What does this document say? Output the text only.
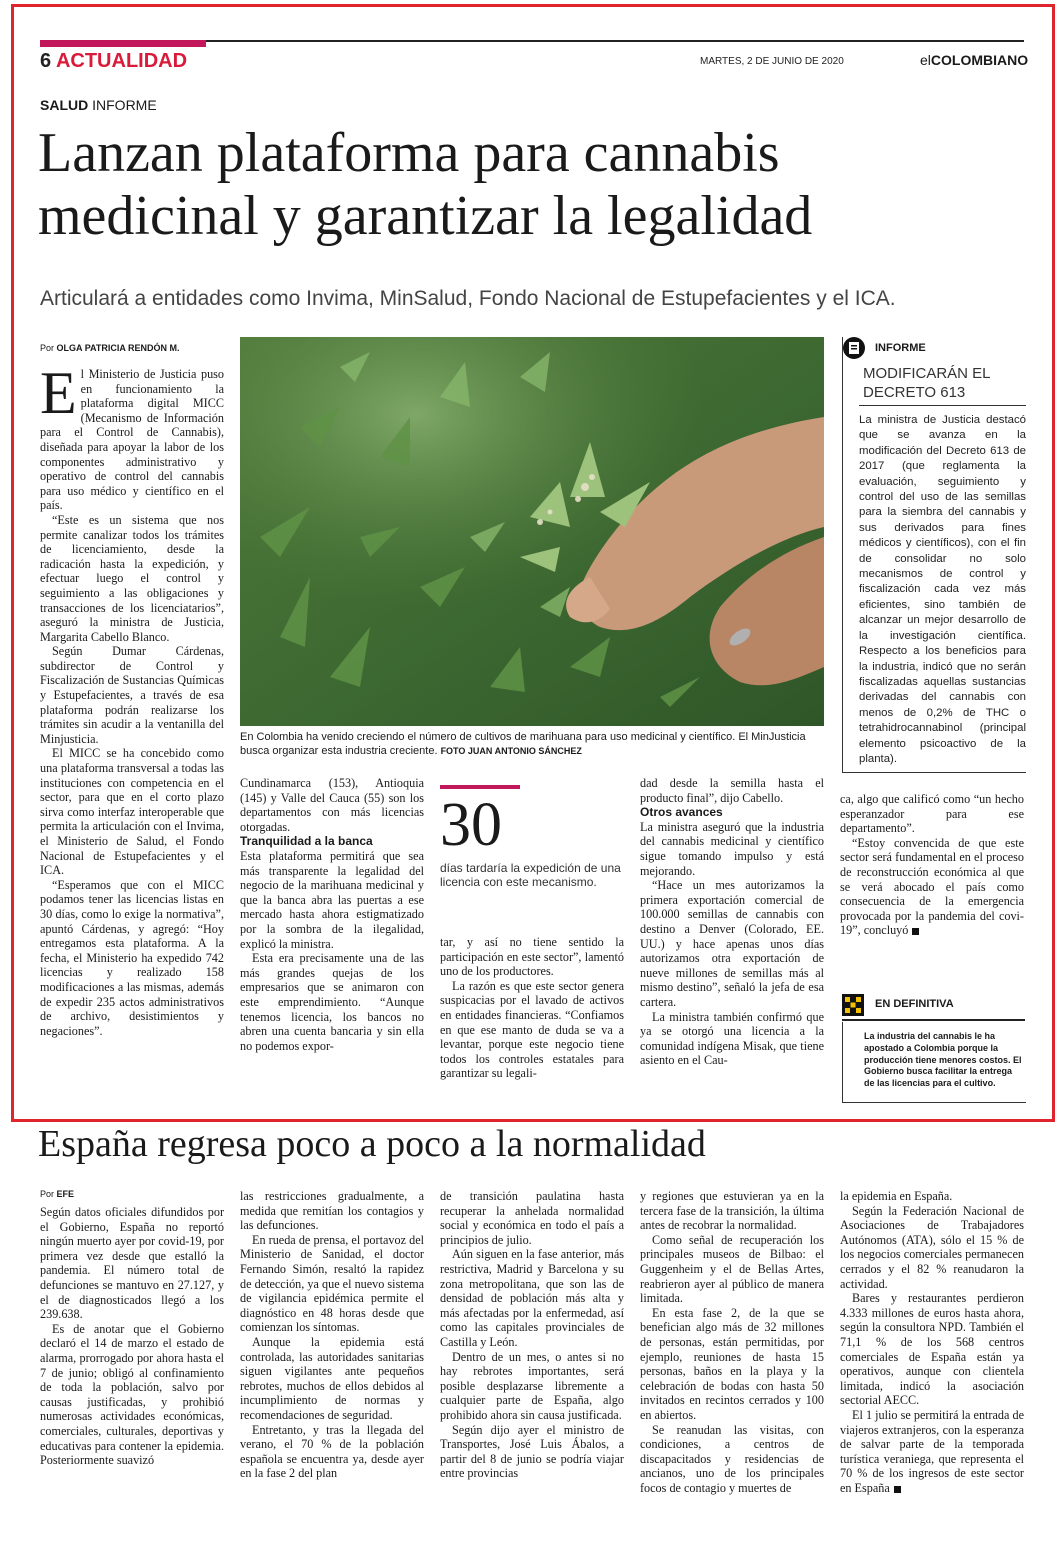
6 ACTUALIDAD	MARTES, 2 DE JUNIO DE 2020	elCOLOMBIANO
SALUD INFORME
Lanzan plataforma para cannabis
medicinal y garantizar la legalidad
Articulará a entidades como Invima, MinSalud, Fondo Nacional de Estupefacientes y el ICA.
Por OLGA PATRICIA RENDÓN M.

El Ministerio de Justicia puso en funcionamiento la plataforma digital MICC (Mecanismo de Información para el Control de Cannabis), diseñada para apoyar la labor de los componentes administrativo y operativo de control del cannabis para uso médico y científico en el país.

“Este es un sistema que nos permite canalizar todos los trámites de licenciamiento, desde la radicación hasta la expedición, y efectuar luego el control y seguimiento a las obligaciones y transacciones de los licenciatarios”, aseguró la ministra de Justicia, Margarita Cabello Blanco.

Según Dumar Cárdenas, subdirector de Control y Fiscalización de Sustancias Químicas y Estupefacientes, a través de esa plataforma podrán realizarse los trámites sin acudir a la ventanilla del Minjusticia.

El MICC se ha concebido como una plataforma transversal a todas las instituciones con competencia en el sector, para que en el corto plazo sirva como interfaz interoperable que permita la articulación con el Invima, el Ministerio de Salud, el Fondo Nacional de Estupefacientes y el ICA.

“Esperamos que con el MICC podamos tener las licencias listas en 30 días, como lo exige la normativa”, apuntó Cárdenas, y agregó: “Hoy entregamos esta plataforma. A la fecha, el Ministerio ha expedido 742 licencias y realizado 158 modificaciones a las mismas, además de expedir 235 actos administrativos de archivo, desistimientos y negaciones”.

En Colombia ha venido creciendo el número de cultivos de marihuana para uso medicinal y científico. El MinJusticia busca organizar esta industria creciente. FOTO JUAN ANTONIO SÁNCHEZ

Cundinamarca (153), Antioquia (145) y Valle del Cauca (55) son los departamentos con más licencias otorgadas.

Tranquilidad a la banca

Esta plataforma permitirá que sea más transparente la legalidad del negocio de la marihuana medicinal y que la banca abra las puertas a ese mercado hasta ahora estigmatizado por la sombra de la ilegalidad, explicó la ministra.

Esta era precisamente una de las más grandes quejas de los empresarios que se animaron con este emprendimiento. “Aunque tenemos licencia, los bancos no abren una cuenta bancaria y sin ella no podemos expor-

30
días tardaría la expedición de una licencia con este mecanismo.

tar, y así no tiene sentido la participación en este sector”, lamentó uno de los productores.

La razón es que este sector genera suspicacias por el lavado de activos en entidades financieras. “Confiamos en que ese manto de duda se va a levantar, porque este negocio tiene todos los controles estatales para garantizar su legali-

dad desde la semilla hasta el producto final”, dijo Cabello.

Otros avances

La ministra aseguró que la industria del cannabis medicinal y científico sigue tomando impulso y está mejorando.

“Hace un mes autorizamos la primera exportación comercial de 100.000 semillas de cannabis con destino a Denver (Colorado, EE. UU.) y hace apenas unos días autorizamos otra exportación de nueve millones de semillas más al mismo destino”, señaló la jefa de esa cartera.

La ministra también confirmó que ya se otorgó una licencia a la comunidad indígena Misak, que tiene asiento en el Cau-

ca, algo que calificó como “un hecho esperanzador para ese departamento”.

“Estoy convencida de que este sector será fundamental en el proceso de reconstrucción económica al que se verá abocado el país como consecuencia de la emergencia provocada por la pandemia del covi-19”, concluyó

INFORME
MODIFICARÁN EL
DECRETO 613
La ministra de Justicia destacó que se avanza en la modificación del Decreto 613 de 2017 (que reglamenta la evaluación, seguimiento y control del uso de las semillas para la siembra del cannabis y sus derivados para fines médicos y científicos), con el fin de consolidar no solo mecanismos de control y fiscalización cada vez más eficientes, sino también de alcanzar un mejor desarrollo de la investigación científica. Respecto a los beneficios para la industria, indicó que no serán fiscalizadas aquellas sustancias derivadas del cannabis con menos de 0,2% de THC o tetrahidrocannabinol (principal elemento psicoactivo de la planta).
EN DEFINITIVA
La industria del cannabis le ha apostado a Colombia porque la producción tiene menores costos. El Gobierno busca facilitar la entrega de las licencias para el cultivo.
España regresa poco a poco a la normalidad
Por EFE

Según datos oficiales difundidos por el Gobierno, España no reportó ningún muerto ayer por covid-19, por primera vez desde que estalló la pandemia. El número total de defunciones se mantuvo en 27.127, y el de diagnosticados llegó a los 239.638.

Es de anotar que el Gobierno declaró el 14 de marzo el estado de alarma, prorrogado por ahora hasta el 7 de junio; obligó al confinamiento de toda la población, salvo por causas justificadas, y prohibió numerosas actividades económicas, comerciales, culturales, deportivas y educativas para contener la epidemia. Posteriormente suavizó

las restricciones gradualmente, a medida que remitían los contagios y las defunciones.

En rueda de prensa, el portavoz del Ministerio de Sanidad, el doctor Fernando Simón, resaltó la rapidez de detección, ya que el nuevo sistema de vigilancia epidémica permite el diagnóstico en 48 horas desde que comienzan los síntomas.

Aunque la epidemia está controlada, las autoridades sanitarias siguen vigilantes ante pequeños rebrotes, muchos de ellos debidos al incumplimiento de normas y recomendaciones de seguridad.

Entretanto, y tras la llegada del verano, el 70 % de la población española se encuentra ya, desde ayer en la fase 2 del plan

de transición paulatina hasta recuperar la anhelada normalidad social y económica en todo el país a principios de julio.

Aún siguen en la fase anterior, más restrictiva, Madrid y Barcelona y su zona metropolitana, que son las de densidad de población más alta y más afectadas por la enfermedad, así como las capitales provinciales de Castilla y León.

Dentro de un mes, o antes si no hay rebrotes importantes, será posible desplazarse libremente a cualquier parte de España, algo prohibido ahora sin causa justificada.

Según dijo ayer el ministro de Transportes, José Luis Ábalos, a partir del 8 de junio se podría viajar entre provincias

y regiones que estuvieran ya en la tercera fase de la transición, la última antes de recobrar la normalidad.

Como señal de recuperación los principales museos de Bilbao: el Guggenheim y el de Bellas Artes, reabrieron ayer al público de manera limitada.

En esta fase 2, de la que se benefician algo más de 32 millones de personas, están permitidas, por ejemplo, reuniones de hasta 15 personas, baños en la playa y la celebración de bodas con hasta 50 invitados en recintos cerrados y 100 en abiertos.

Se reanudan las visitas, con condiciones, a centros de discapacitados y residencias de ancianos, uno de los principales focos de contagio y muertes de

la epidemia en España.

Según la Federación Nacional de Asociaciones de Trabajadores Autónomos (ATA), sólo el 15 % de los negocios comerciales permanecen cerrados y el 82 % reanudaron la actividad.

Bares y restaurantes perdieron 4.333 millones de euros hasta ahora, según la consultora NPD. También el 71,1 % de los 568 centros comerciales de España están ya operativos, aunque con clientela limitada, indicó la asociación sectorial AECC.

El 1 julio se permitirá la entrada de viajeros extranjeros, con la esperanza de salvar parte de la temporada turística veraniega, que representa el 70 % de los ingresos de este sector en España
